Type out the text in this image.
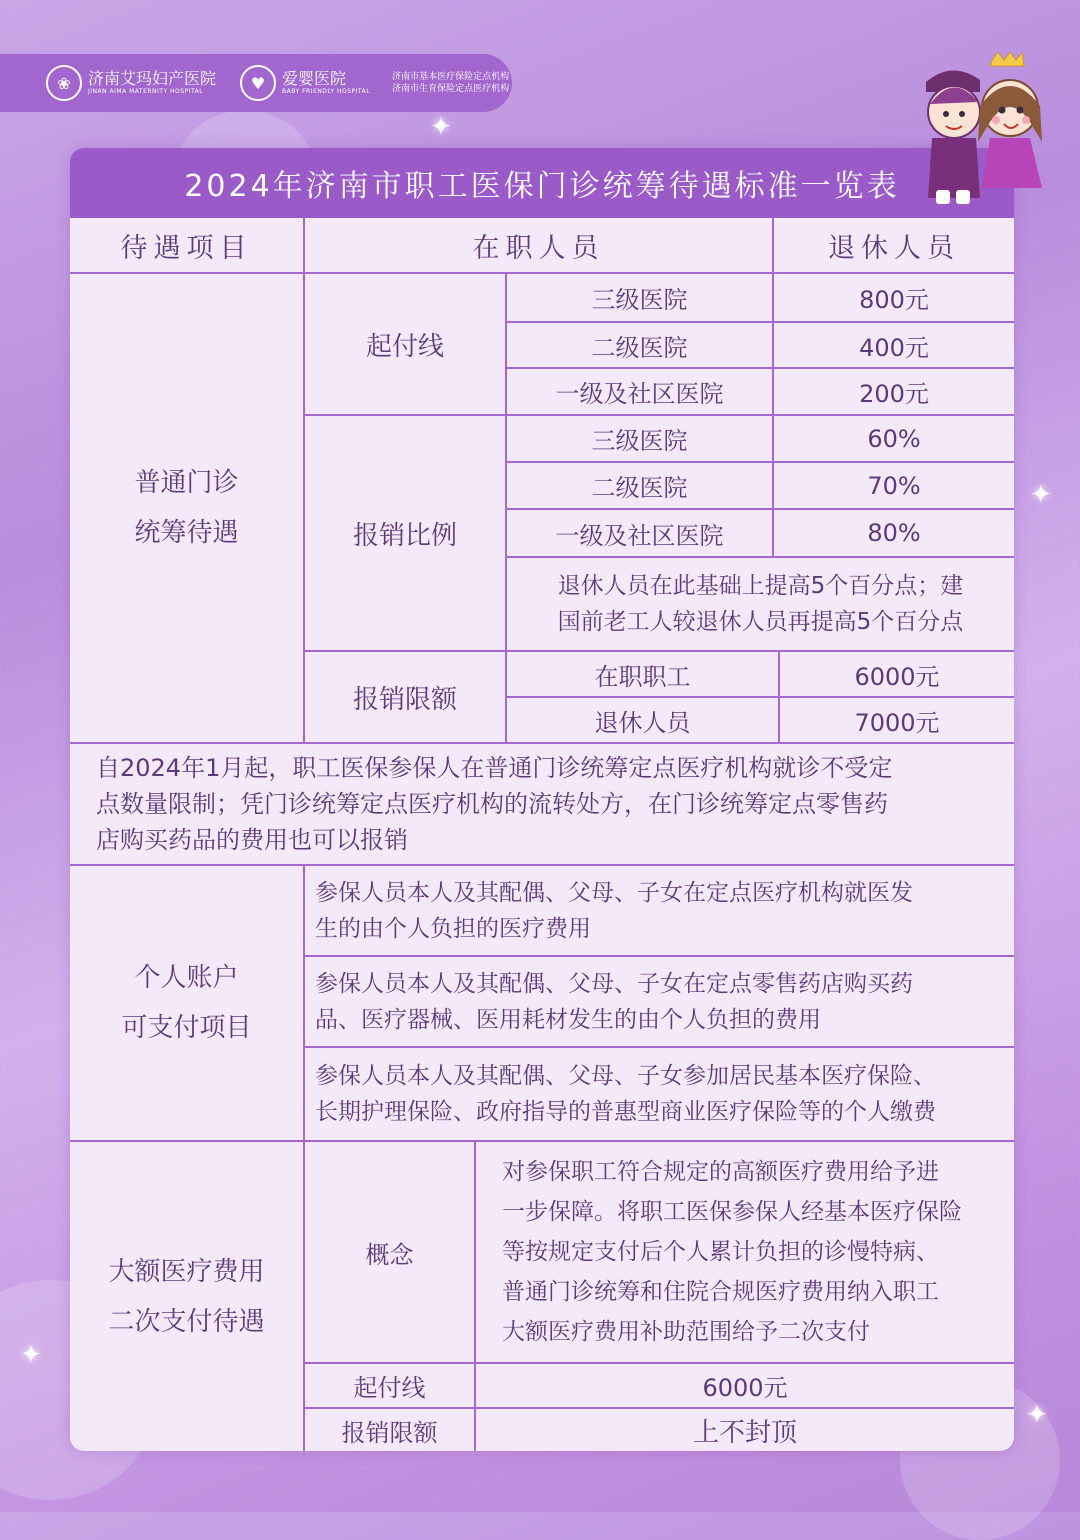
✦
✦
✦
✦
❀	济南艾玛妇产医院
JINAN AIMA MATERNITY HOSPITAL	♥	爱婴医院
BABY FRIENDLY HOSPITAL
济南市基本医疗保险定点机构
济南市生育保险定点医疗机构
2024年济南市职工医保门诊统筹待遇标准一览表
待遇项目	在职人员	退休人员
普通门诊
统筹待遇
起付线
三级医院	800元
二级医院	400元
一级及社区医院	200元
报销比例
三级医院	60%
二级医院	70%
一级及社区医院	80%
退休人员在此基础上提高5个百分点；建
国前老工人较退休人员再提高5个百分点
报销限额
在职职工	6000元
退休人员	7000元
自2024年1月起，职工医保参保人在普通门诊统筹定点医疗机构就诊不受定
点数量限制；凭门诊统筹定点医疗机构的流转处方，在门诊统筹定点零售药
店购买药品的费用也可以报销
个人账户
可支付项目
参保人员本人及其配偶、父母、子女在定点医疗机构就医发
生的由个人负担的医疗费用
参保人员本人及其配偶、父母、子女在定点零售药店购买药
品、医疗器械、医用耗材发生的由个人负担的费用
参保人员本人及其配偶、父母、子女参加居民基本医疗保险、
长期护理保险、政府指导的普惠型商业医疗保险等的个人缴费
大额医疗费用
二次支付待遇
概念
对参保职工符合规定的高额医疗费用给予进
一步保障。将职工医保参保人经基本医疗保险
等按规定支付后个人累计负担的诊慢特病、
普通门诊统筹和住院合规医疗费用纳入职工
大额医疗费用补助范围给予二次支付
起付线	6000元
报销限额	上不封顶
